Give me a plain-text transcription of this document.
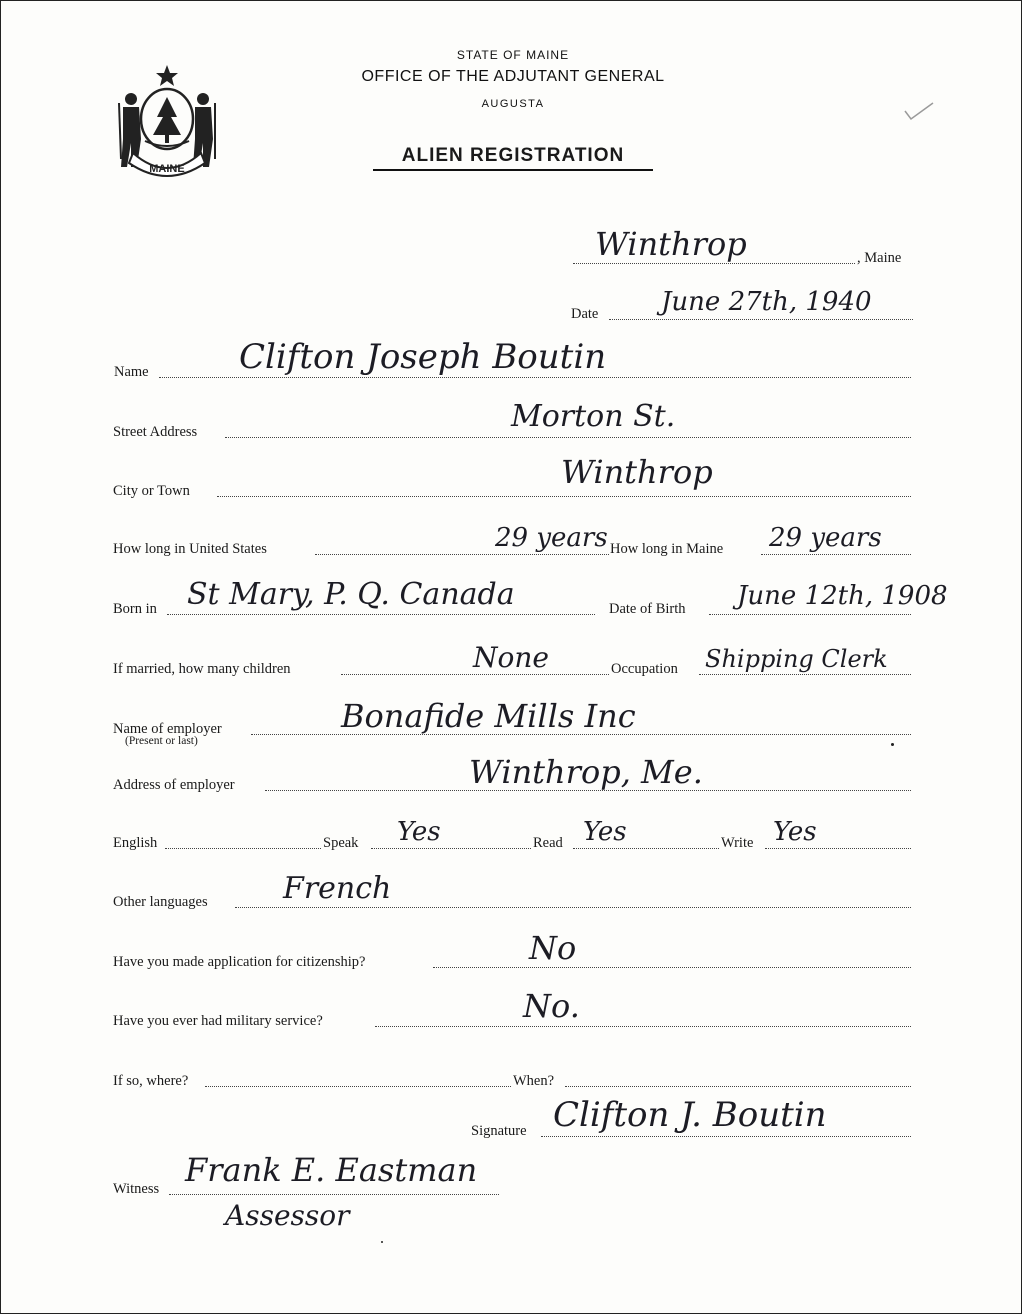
MAINE
STATE OF MAINE
OFFICE OF THE ADJUTANT GENERAL
AUGUSTA
ALIEN REGISTRATION
Winthrop	, Maine
Date June 27th, 1940
Name	Clifton Joseph Boutin
Street Address	Morton St.
City or Town	Winthrop
How long in United States	29 years How long in Maine 29 years
Born in St Mary, P. Q. Canada	Date of Birth June 12th, 1908
If married, how many children	None	Occupation Shipping Clerk
Name of employer
(Present or last)
Bonafide Mills Inc
Address of employer	Winthrop, Me.
English	Speak Yes	Read Yes	Write Yes
Other languages	French
Have you made application for citizenship?	No
Have you ever had military service?	No.
If so, where?	When?
Signature Clifton J. Boutin
Witness Frank E. Eastman
Assessor
